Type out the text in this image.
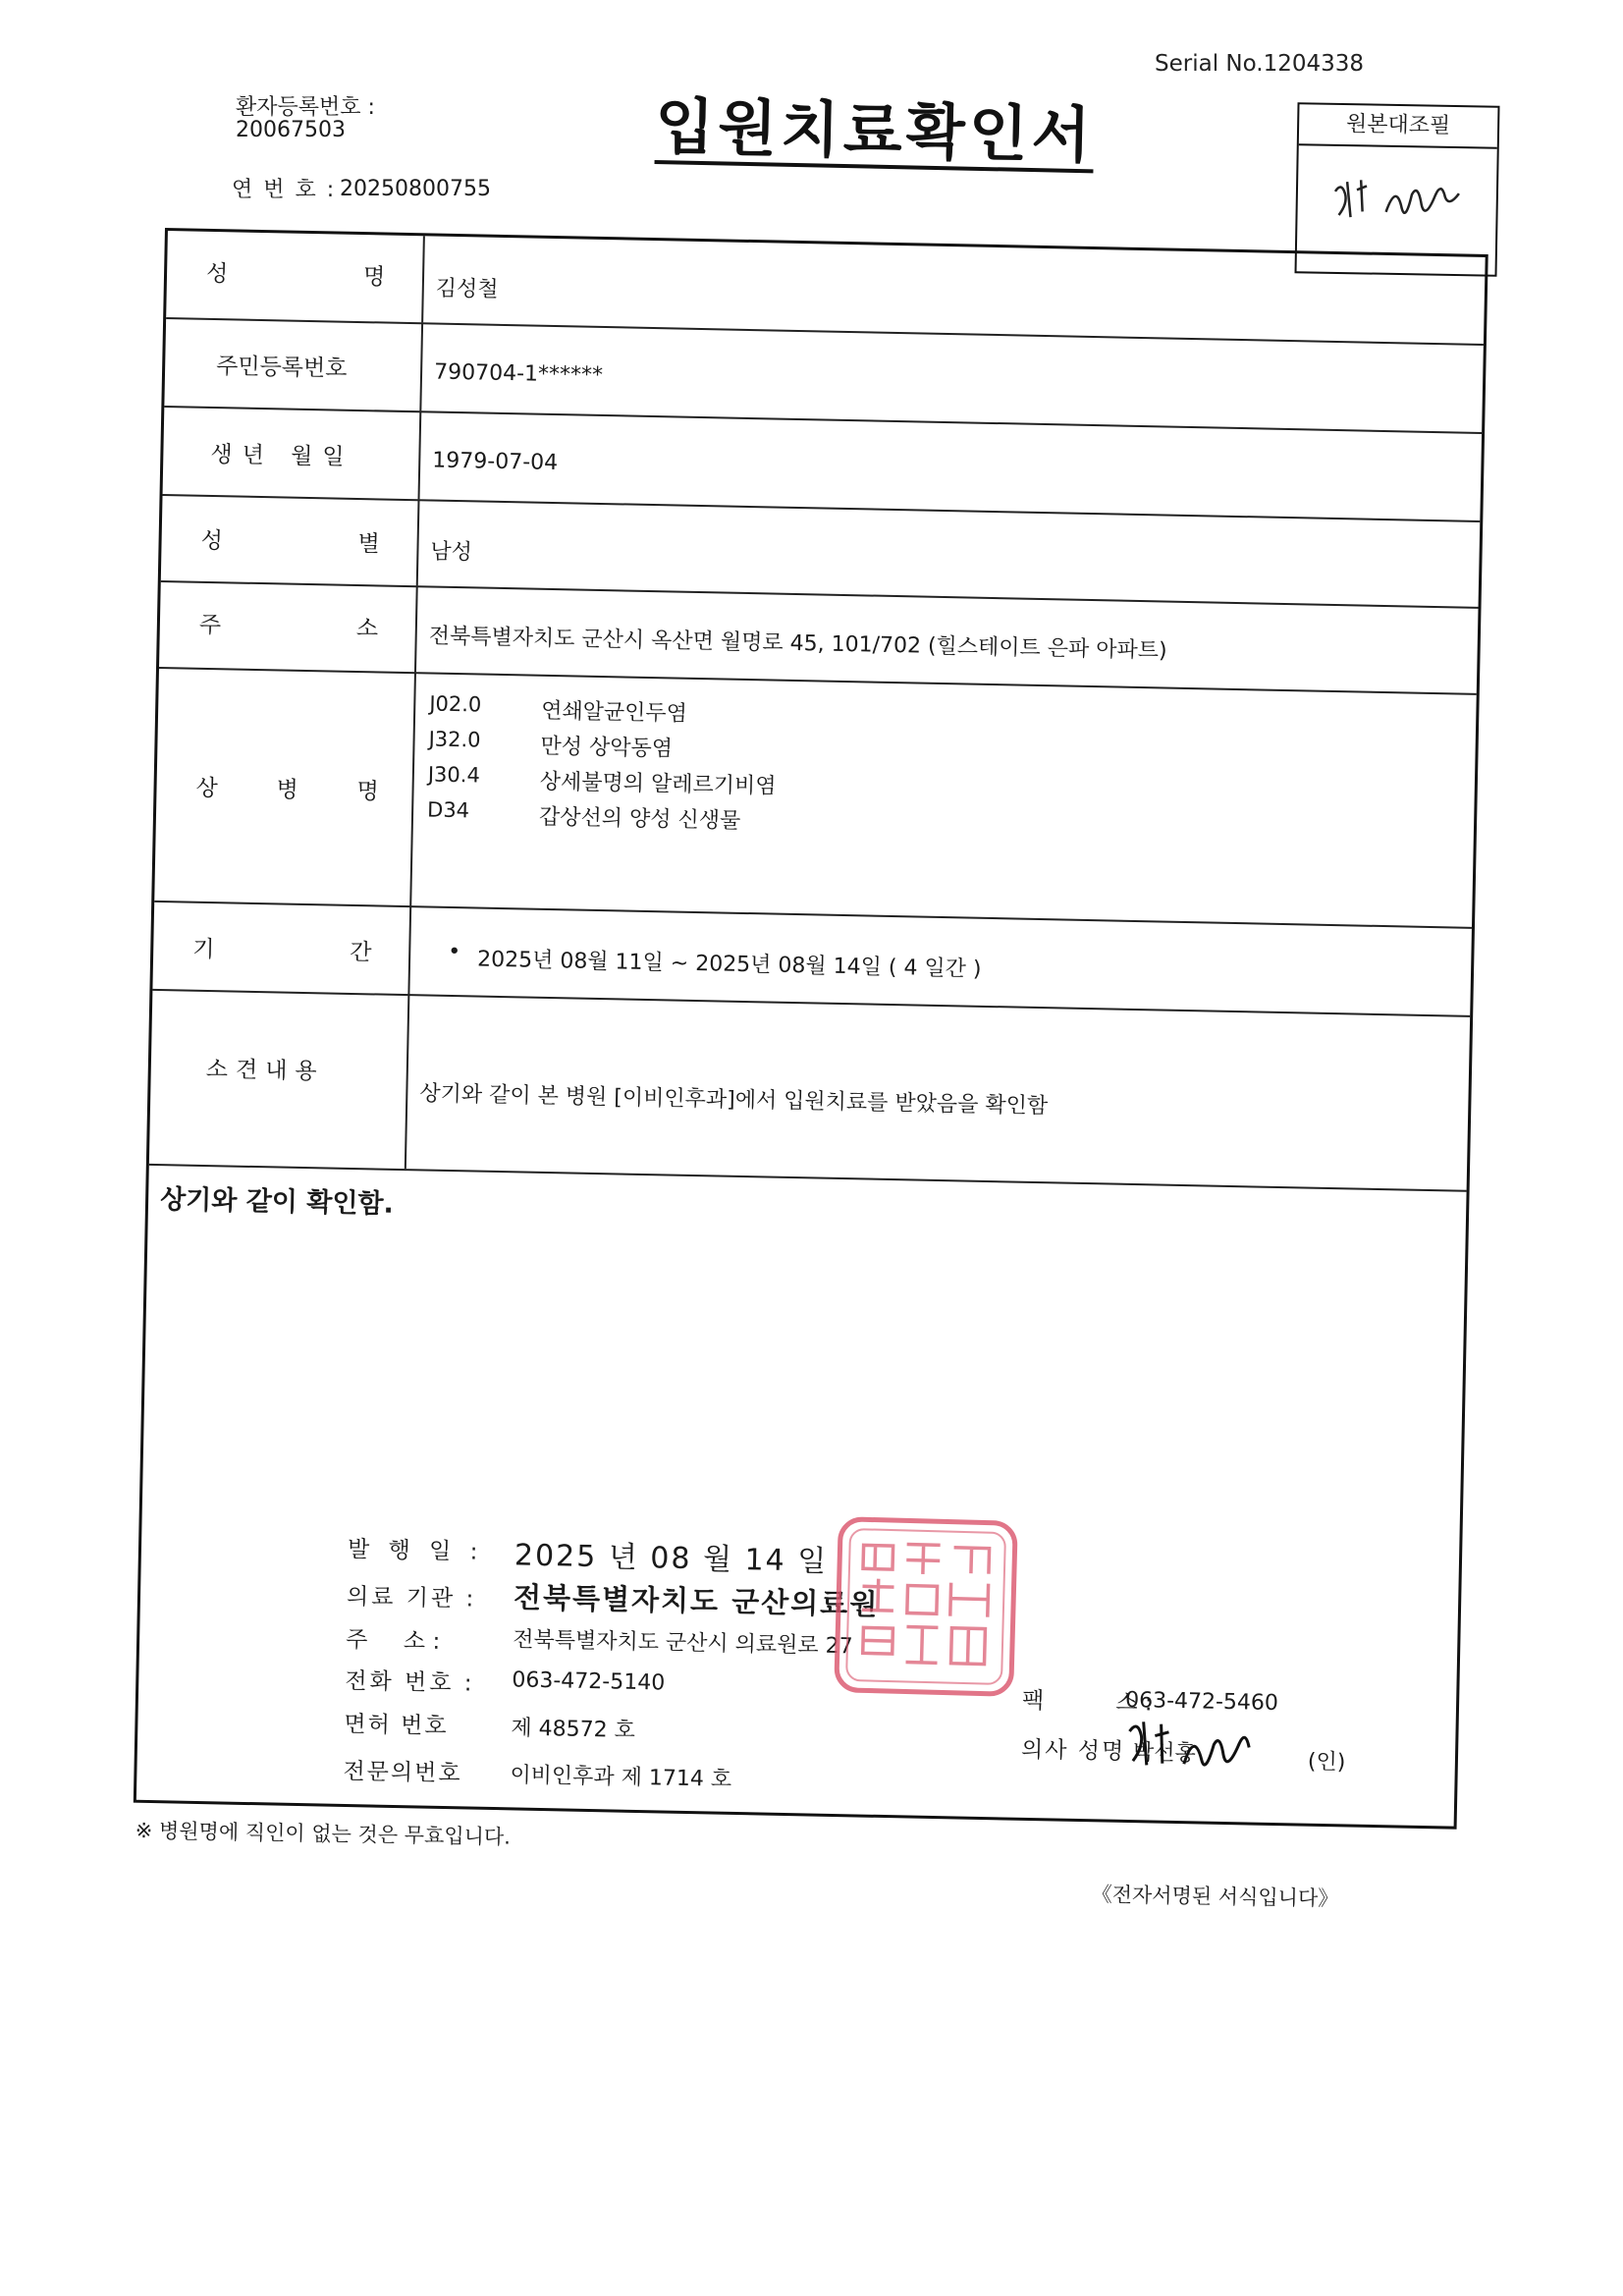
Serial No.1204338
환자등록번호 :
20067503
연 번 호 : 20250800755
입원치료확인서	원본대조필
성	명 김성철
주민등록번호	790704-1******
생년 월일	1979-07-04
성	별 남성
주	소 전북특별자치도 군산시 옥산면 월명로 45, 101/702 (힐스테이트 은파 아파트)
상	병	명
J02.0	연쇄알균인두염
J32.0	만성 상악동염
J30.4	상세불명의 알레르기비염
D34	갑상선의 양성 신생물
기	간	• 2025년 08월 11일 ~ 2025년 08월 14일 ( 4 일간 )
소견내용
상기와 같이 본 병원 [이비인후과]에서 입원치료를 받았음을 확인함
상기와 같이 확인함.
발 행 일 : 2025 년 08 월 14 일
의료 기관 : 전북특별자치도 군산의료원
주     소 :	전북특별자치도 군산시 의료원로 27
전화 번호 : 063-472-5140
팩          스 :
063-472-5460
면허 번호	제 48572 호
의사 성명 박선홍	(인)
전문의번호 이비인후과 제 1714 호
※ 병원명에 직인이 없는 것은 무효입니다.
《전자서명된 서식입니다》
